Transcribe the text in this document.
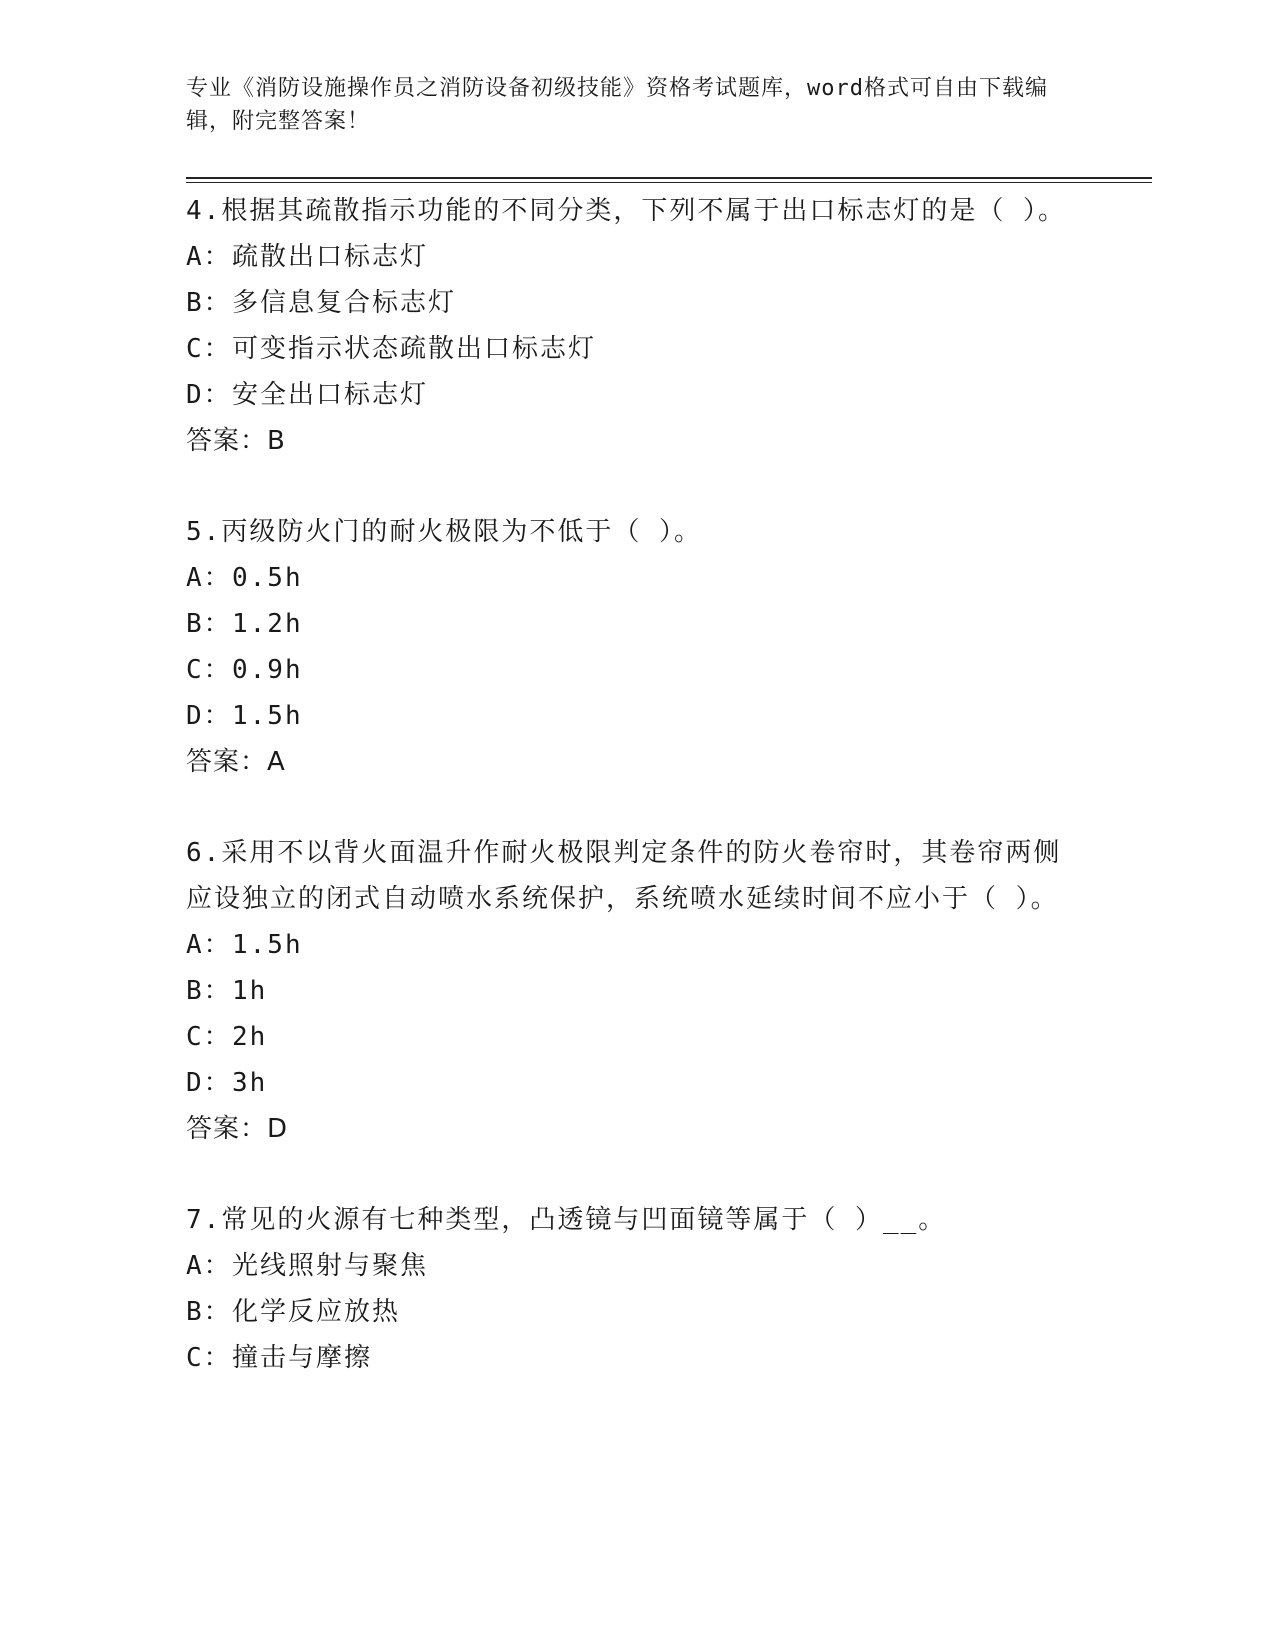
专业《消防设施操作员之消防设备初级技能》资格考试题库，word格式可自由下载编辑，附完整答案！
4.根据其疏散指示功能的不同分类，下列不属于出口标志灯的是（ ）。
A： 疏散出口标志灯
B： 多信息复合标志灯
C： 可变指示状态疏散出口标志灯
D： 安全出口标志灯
答案：B
5.丙级防火门的耐火极限为不低于（ ）。
A： 0.5h
B： 1.2h
C： 0.9h
D： 1.5h
答案：A
6.采用不以背火面温升作耐火极限判定条件的防火卷帘时，其卷帘两侧应设独立的闭式自动喷水系统保护，系统喷水延续时间不应小于（ ）。
A： 1.5h
B： 1h
C： 2h
D： 3h
答案：D
7.常见的火源有七种类型，凸透镜与凹面镜等属于（ ）__。
A： 光线照射与聚焦
B： 化学反应放热
C： 撞击与摩擦
